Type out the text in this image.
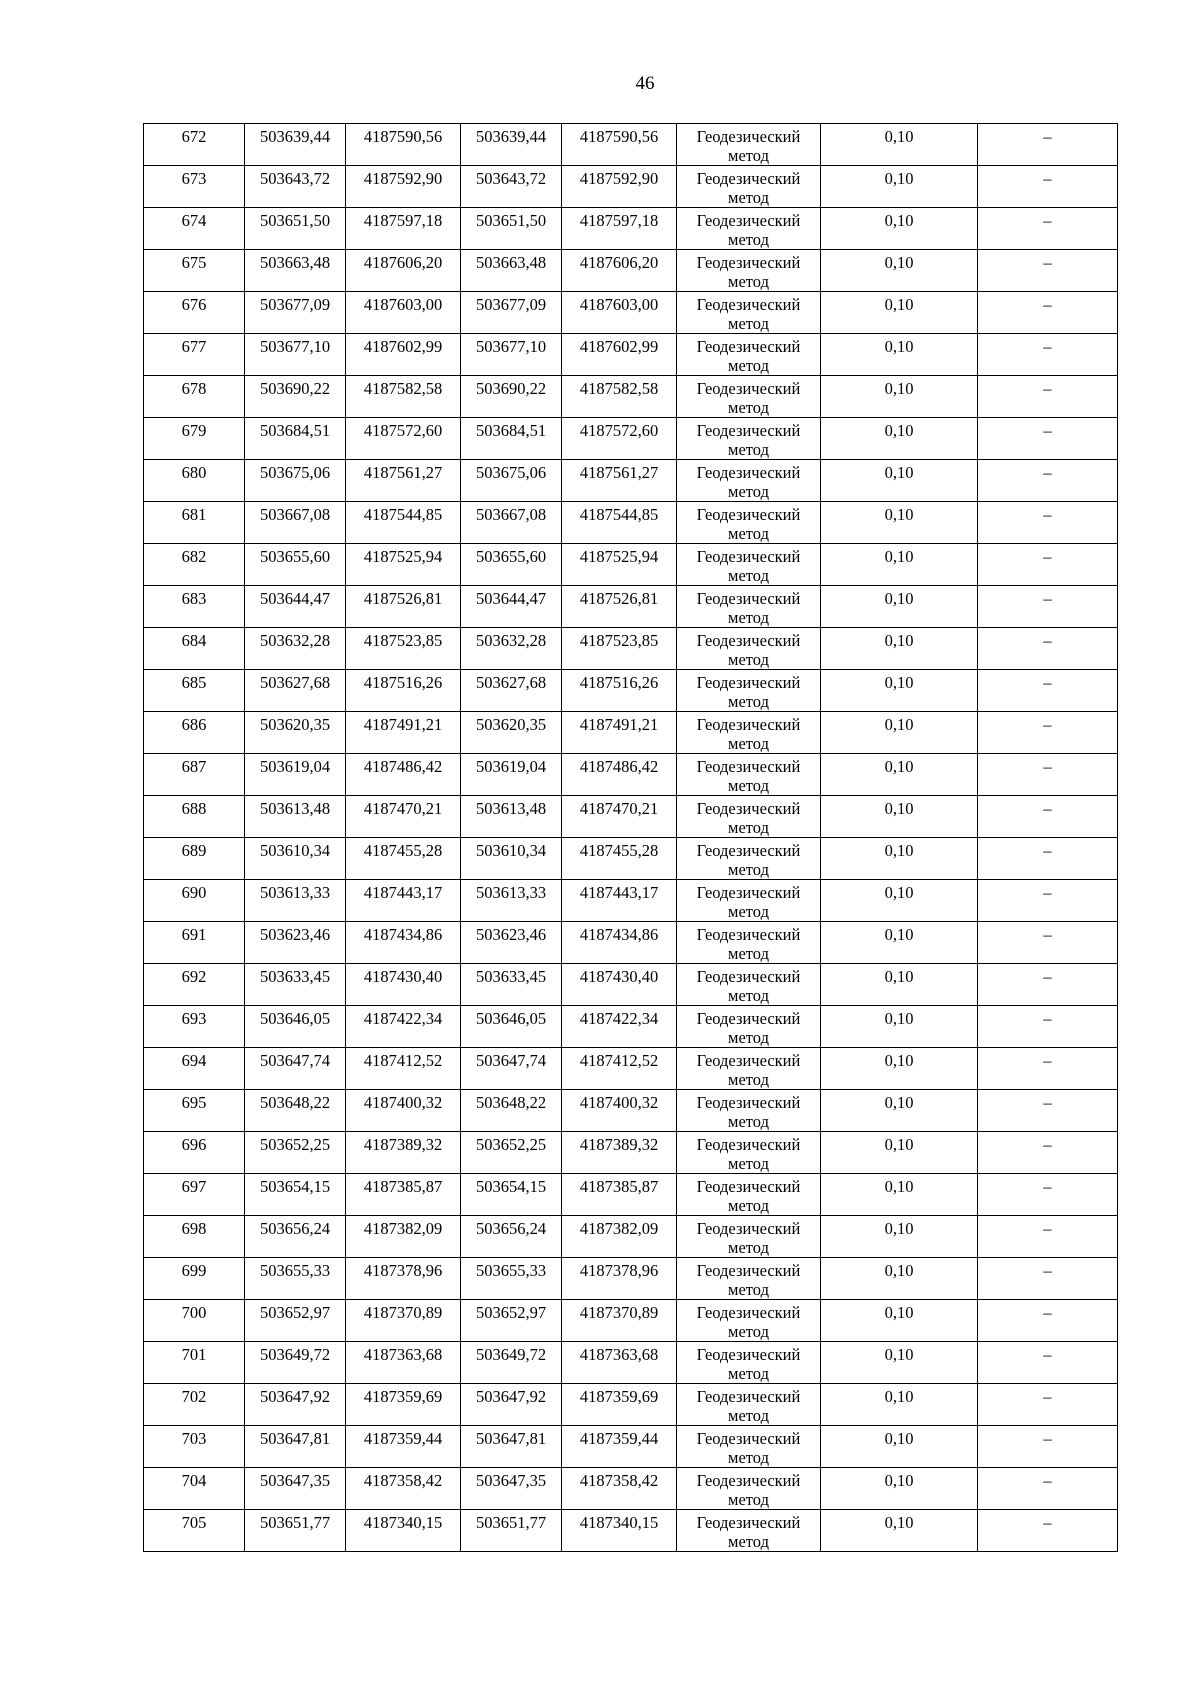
46
672	503639,44	4187590,56	503639,44	4187590,56	Геодезический метод	0,10	–

673	503643,72	4187592,90	503643,72	4187592,90	Геодезический метод	0,10	–

674	503651,50	4187597,18	503651,50	4187597,18	Геодезический метод	0,10	–

675	503663,48	4187606,20	503663,48	4187606,20	Геодезический метод	0,10	–

676	503677,09	4187603,00	503677,09	4187603,00	Геодезический метод	0,10	–

677	503677,10	4187602,99	503677,10	4187602,99	Геодезический метод	0,10	–

678	503690,22	4187582,58	503690,22	4187582,58	Геодезический метод	0,10	–

679	503684,51	4187572,60	503684,51	4187572,60	Геодезический метод	0,10	–

680	503675,06	4187561,27	503675,06	4187561,27	Геодезический метод	0,10	–

681	503667,08	4187544,85	503667,08	4187544,85	Геодезический метод	0,10	–

682	503655,60	4187525,94	503655,60	4187525,94	Геодезический метод	0,10	–

683	503644,47	4187526,81	503644,47	4187526,81	Геодезический метод	0,10	–

684	503632,28	4187523,85	503632,28	4187523,85	Геодезический метод	0,10	–

685	503627,68	4187516,26	503627,68	4187516,26	Геодезический метод	0,10	–

686	503620,35	4187491,21	503620,35	4187491,21	Геодезический метод	0,10	–

687	503619,04	4187486,42	503619,04	4187486,42	Геодезический метод	0,10	–

688	503613,48	4187470,21	503613,48	4187470,21	Геодезический метод	0,10	–

689	503610,34	4187455,28	503610,34	4187455,28	Геодезический метод	0,10	–

690	503613,33	4187443,17	503613,33	4187443,17	Геодезический метод	0,10	–

691	503623,46	4187434,86	503623,46	4187434,86	Геодезический метод	0,10	–

692	503633,45	4187430,40	503633,45	4187430,40	Геодезический метод	0,10	–

693	503646,05	4187422,34	503646,05	4187422,34	Геодезический метод	0,10	–

694	503647,74	4187412,52	503647,74	4187412,52	Геодезический метод	0,10	–

695	503648,22	4187400,32	503648,22	4187400,32	Геодезический метод	0,10	–

696	503652,25	4187389,32	503652,25	4187389,32	Геодезический метод	0,10	–

697	503654,15	4187385,87	503654,15	4187385,87	Геодезический метод	0,10	–

698	503656,24	4187382,09	503656,24	4187382,09	Геодезический метод	0,10	–

699	503655,33	4187378,96	503655,33	4187378,96	Геодезический метод	0,10	–

700	503652,97	4187370,89	503652,97	4187370,89	Геодезический метод	0,10	–

701	503649,72	4187363,68	503649,72	4187363,68	Геодезический метод	0,10	–

702	503647,92	4187359,69	503647,92	4187359,69	Геодезический метод	0,10	–

703	503647,81	4187359,44	503647,81	4187359,44	Геодезический метод	0,10	–

704	503647,35	4187358,42	503647,35	4187358,42	Геодезический метод	0,10	–

705	503651,77	4187340,15	503651,77	4187340,15	Геодезический метод	0,10	–
